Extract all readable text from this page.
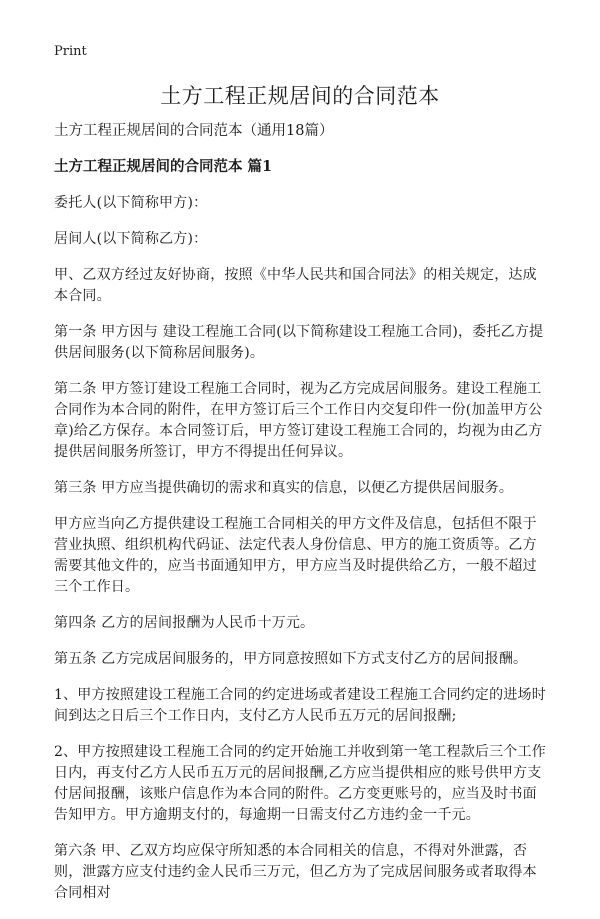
Print
土方工程正规居间的合同范本

土方工程正规居间的合同范本（通用18篇）

土方工程正规居间的合同范本 篇1

委托人(以下简称甲方)：

居间人(以下简称乙方)：

甲、乙双方经过友好协商，按照《中华人民共和国合同法》的相关规定，达成本合同。

第一条 甲方因与 建设工程施工合同(以下简称建设工程施工合同)，委托乙方提供居间服务(以下简称居间服务)。

第二条 甲方签订建设工程施工合同时，视为乙方完成居间服务。建设工程施工合同作为本合同的附件，在甲方签订后三个工作日内交复印件一份(加盖甲方公章)给乙方保存。本合同签订后，甲方签订建设工程施工合同的，均视为由乙方提供居间服务所签订，甲方不得提出任何异议。

第三条 甲方应当提供确切的需求和真实的信息，以便乙方提供居间服务。

甲方应当向乙方提供建设工程施工合同相关的甲方文件及信息，包括但不限于营业执照、组织机构代码证、法定代表人身份信息、甲方的施工资质等。乙方需要其他文件的，应当书面通知甲方，甲方应当及时提供给乙方，一般不超过三个工作日。

第四条 乙方的居间报酬为人民币十万元。

第五条 乙方完成居间服务的，甲方同意按照如下方式支付乙方的居间报酬。

1、甲方按照建设工程施工合同的约定进场或者建设工程施工合同约定的进场时间到达之日后三个工作日内，支付乙方人民币五万元的居间报酬;

2、甲方按照建设工程施工合同的约定开始施工并收到第一笔工程款后三个工作日内，再支付乙方人民币五万元的居间报酬,乙方应当提供相应的账号供甲方支付居间报酬，该账户信息作为本合同的附件。乙方变更账号的，应当及时书面告知甲方。甲方逾期支付的，每逾期一日需支付乙方违约金一千元。

第六条 甲、乙双方均应保守所知悉的本合同相关的信息，不得对外泄露，否则，泄露方应支付违约金人民币三万元，但乙方为了完成居间服务或者取得本合同相对
